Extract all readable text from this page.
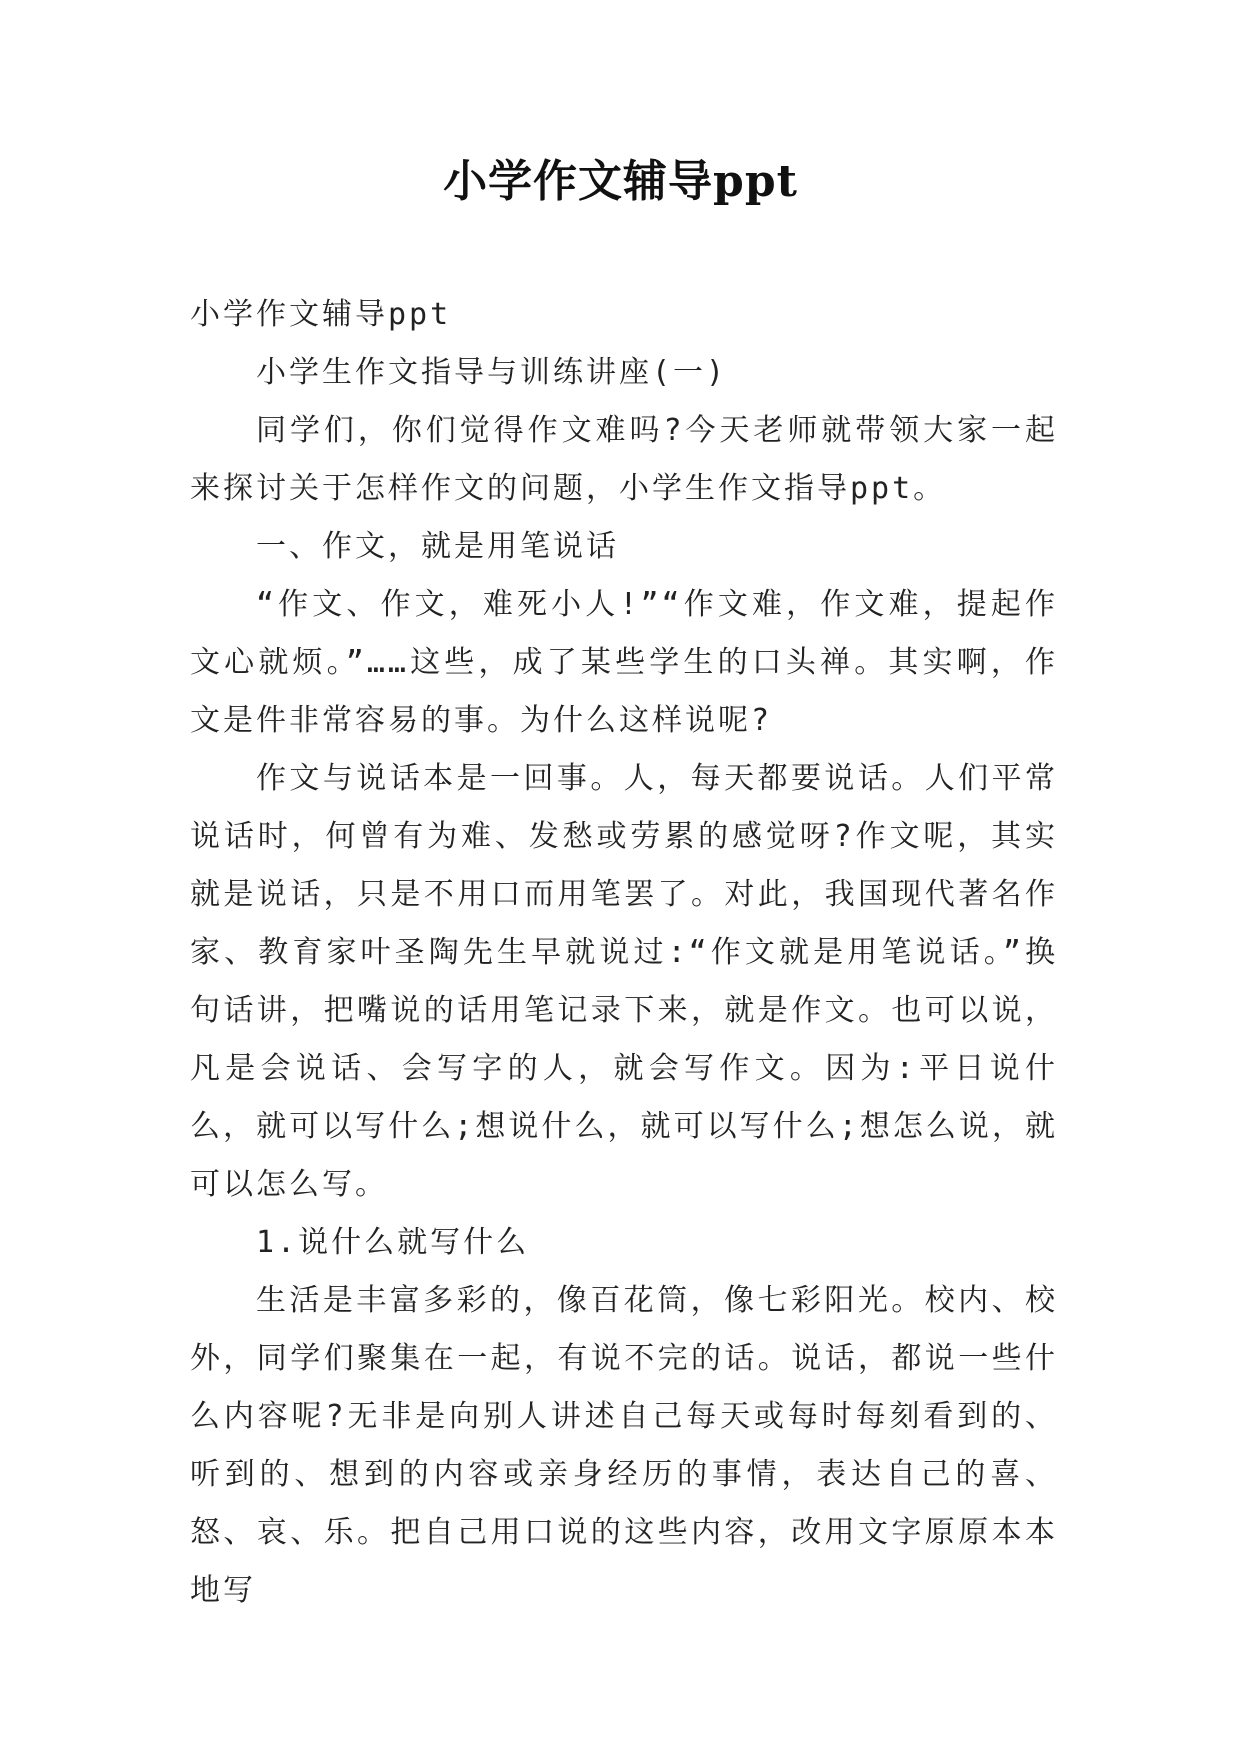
小学作文辅导ppt

小学作文辅导ppt

小学生作文指导与训练讲座(一)

同学们，你们觉得作文难吗?今天老师就带领大家一起来探讨关于怎样作文的问题，小学生作文指导ppt。

一、作文，就是用笔说话

“作文、作文，难死小人!”“作文难，作文难，提起作文心就烦。”……这些，成了某些学生的口头禅。其实啊，作文是件非常容易的事。为什么这样说呢?

作文与说话本是一回事。人，每天都要说话。人们平常说话时，何曾有为难、发愁或劳累的感觉呀?作文呢，其实就是说话，只是不用口而用笔罢了。对此，我国现代著名作家、教育家叶圣陶先生早就说过:“作文就是用笔说话。”换句话讲，把嘴说的话用笔记录下来，就是作文。也可以说，凡是会说话、会写字的人，就会写作文。因为:平日说什么，就可以写什么;想说什么，就可以写什么;想怎么说，就可以怎么写。

1.说什么就写什么

生活是丰富多彩的，像百花筒，像七彩阳光。校内、校外，同学们聚集在一起，有说不完的话。说话，都说一些什么内容呢?无非是向别人讲述自己每天或每时每刻看到的、听到的、想到的内容或亲身经历的事情，表达自己的喜、怒、哀、乐。把自己用口说的这些内容，改用文字原原本本地写
